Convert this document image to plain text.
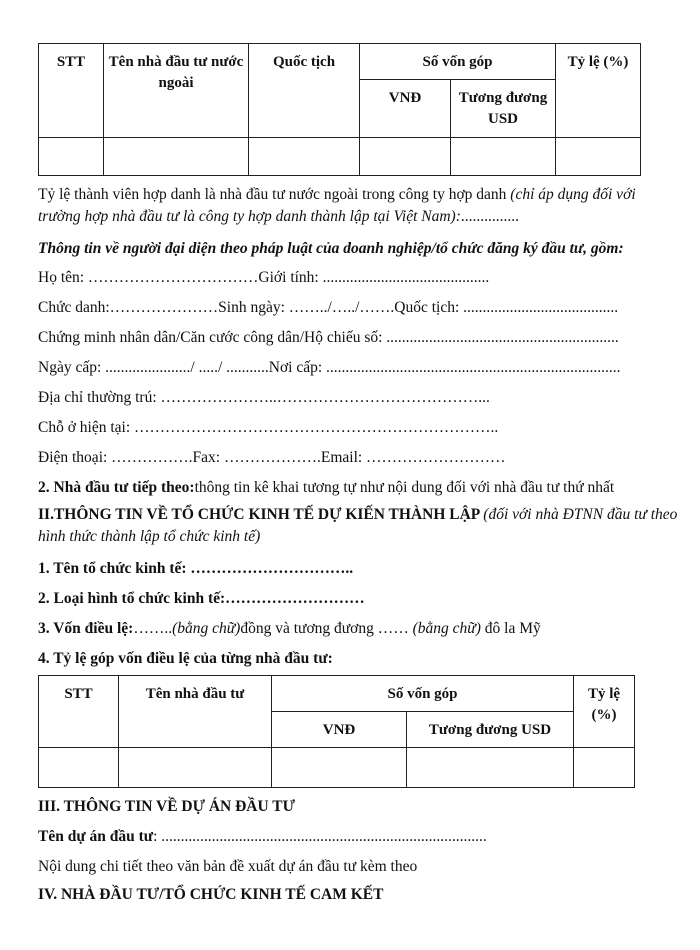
STT	Tên nhà đầu tư nước ngoài	Quốc tịch	Số vốn góp		Tỷ lệ (%)
			VNĐ	Tương đương USD	

Tỷ lệ thành viên hợp danh là nhà đầu tư nước ngoài trong công ty hợp danh (chỉ áp dụng đối với trường hợp nhà đầu tư là công ty hợp danh thành lập tại Việt Nam):...............
Thông tin về người đại diện theo pháp luật của doanh nghiệp/tổ chức đăng ký đầu tư, gồm:
Họ tên: ……………………………Giới tính: ...........................................
Chức danh:…………………Sinh ngày: ……../…../…….Quốc tịch: ........................................
Chứng minh nhân dân/Căn cước công dân/Hộ chiếu số: ............................................................
Ngày cấp: ....................../ ...../ ...........Nơi cấp: ............................................................................
Địa chỉ thường trú: …………………..…………………………………...
Chỗ ở hiện tại: ……………………………………………………………..
Điện thoại: …………….Fax: ……………….Email: ………………………
2. Nhà đầu tư tiếp theo:thông tin kê khai tương tự như nội dung đối với nhà đầu tư thứ nhất
II.THÔNG TIN VỀ TỔ CHỨC KINH TẾ DỰ KIẾN THÀNH LẬP (đối với nhà ĐTNN đầu tư theo hình thức thành lập tổ chức kinh tế)
1. Tên tổ chức kinh tế: …………………………..
2. Loại hình tổ chức kinh tế:………………………
3. Vốn điều lệ:……..(bằng chữ)đồng và tương đương …… (bằng chữ) đô la Mỹ
4. Tỷ lệ góp vốn điều lệ của từng nhà đầu tư:
STT	Tên nhà đầu tư	Số vốn góp		Tỷ lệ (%)
		VNĐ	Tương đương USD	

III. THÔNG TIN VỀ DỰ ÁN ĐẦU TƯ
Tên dự án đầu tư: ....................................................................................
Nội dung chi tiết theo văn bản đề xuất dự án đầu tư kèm theo
IV. NHÀ ĐẦU TƯ/TỔ CHỨC KINH TẾ CAM KẾT
